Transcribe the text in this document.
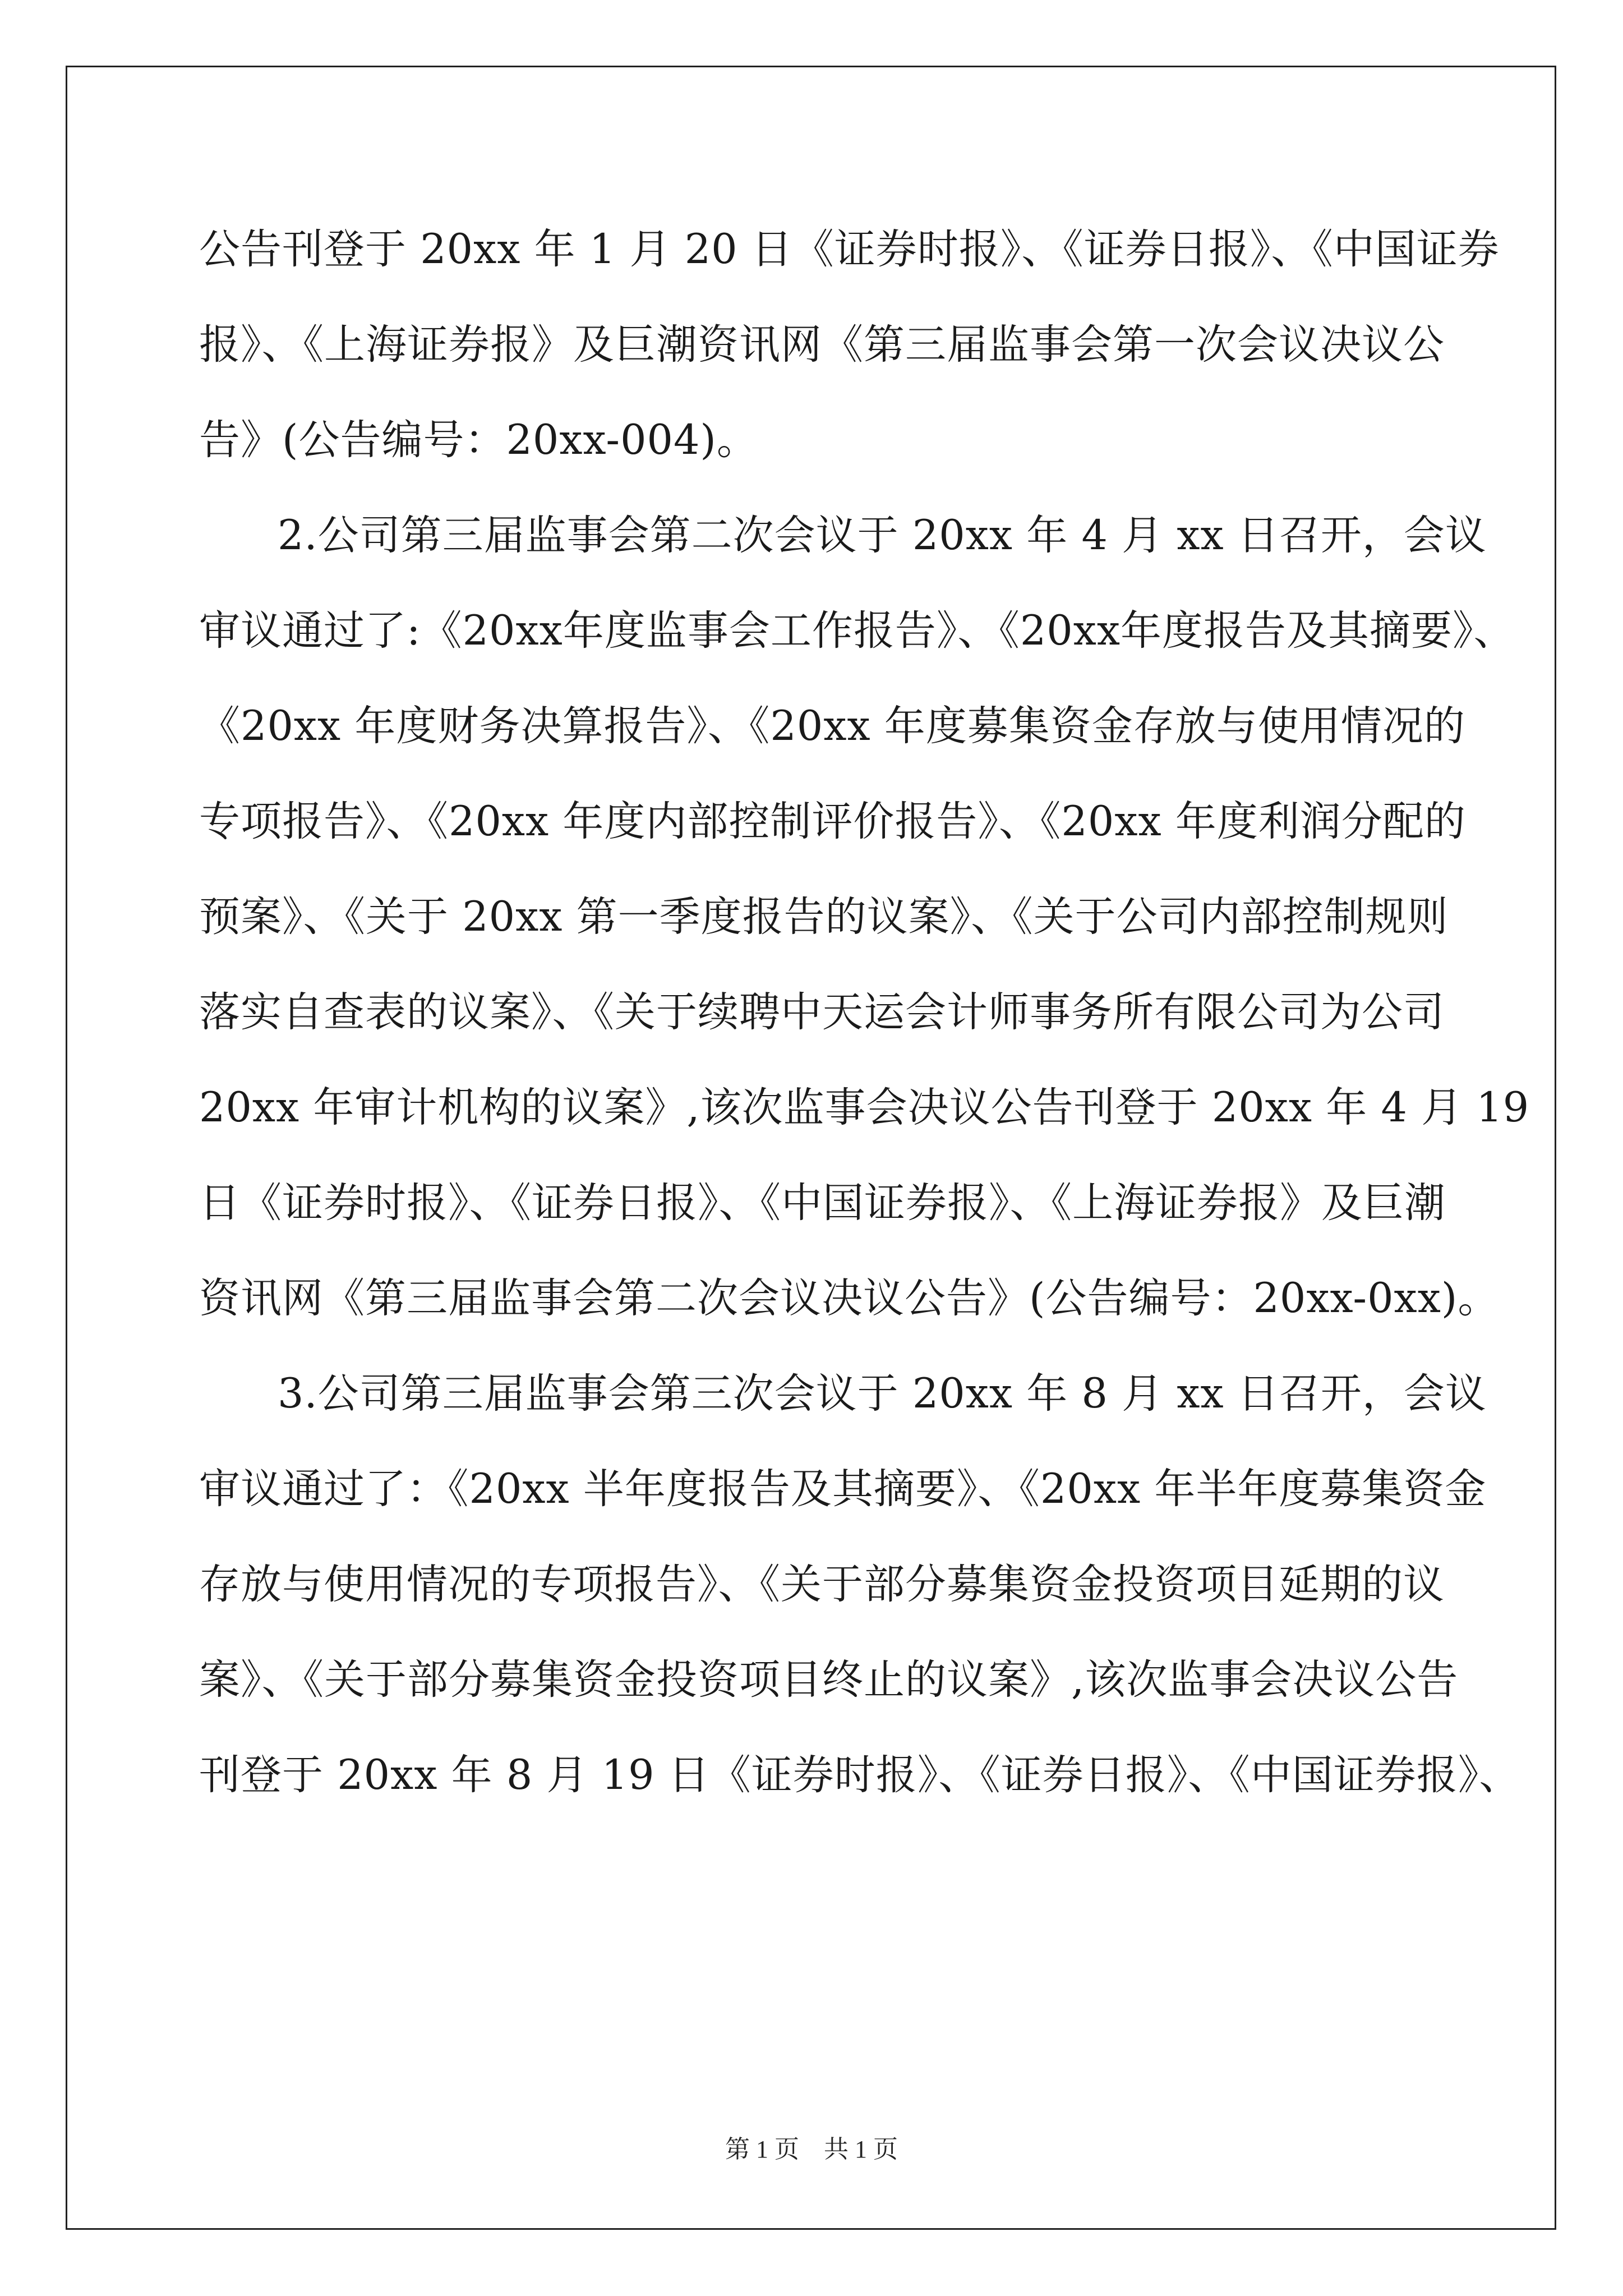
公告刊登于 20xx 年 1 月 20 日《证券时报》、《证券日报》、《中国证券
报》、《上海证券报》及巨潮资讯网《第三届监事会第一次会议决议公
告》(公告编号：20xx-004)。
2.公司第三届监事会第二次会议于 20xx 年 4 月 xx 日召开，会议
审议通过了:《20xx年度监事会工作报告》、《20xx年度报告及其摘要》、
《20xx 年度财务决算报告》、《20xx 年度募集资金存放与使用情况的
专项报告》、《20xx 年度内部控制评价报告》、《20xx 年度利润分配的
预案》、《关于 20xx 第一季度报告的议案》、《关于公司内部控制规则
落实自查表的议案》、《关于续聘中天运会计师事务所有限公司为公司
20xx 年审计机构的议案》,该次监事会决议公告刊登于 20xx 年 4 月 19
日《证券时报》、《证券日报》、《中国证券报》、《上海证券报》及巨潮
资讯网《第三届监事会第二次会议决议公告》(公告编号：20xx-0xx)。
3.公司第三届监事会第三次会议于 20xx 年 8 月 xx 日召开，会议
审议通过了：《20xx 半年度报告及其摘要》、《20xx 年半年度募集资金
存放与使用情况的专项报告》、《关于部分募集资金投资项目延期的议
案》、《关于部分募集资金投资项目终止的议案》,该次监事会决议公告
刊登于 20xx 年 8 月 19 日《证券时报》、《证券日报》、《中国证券报》、
第 1 页　共 1 页
